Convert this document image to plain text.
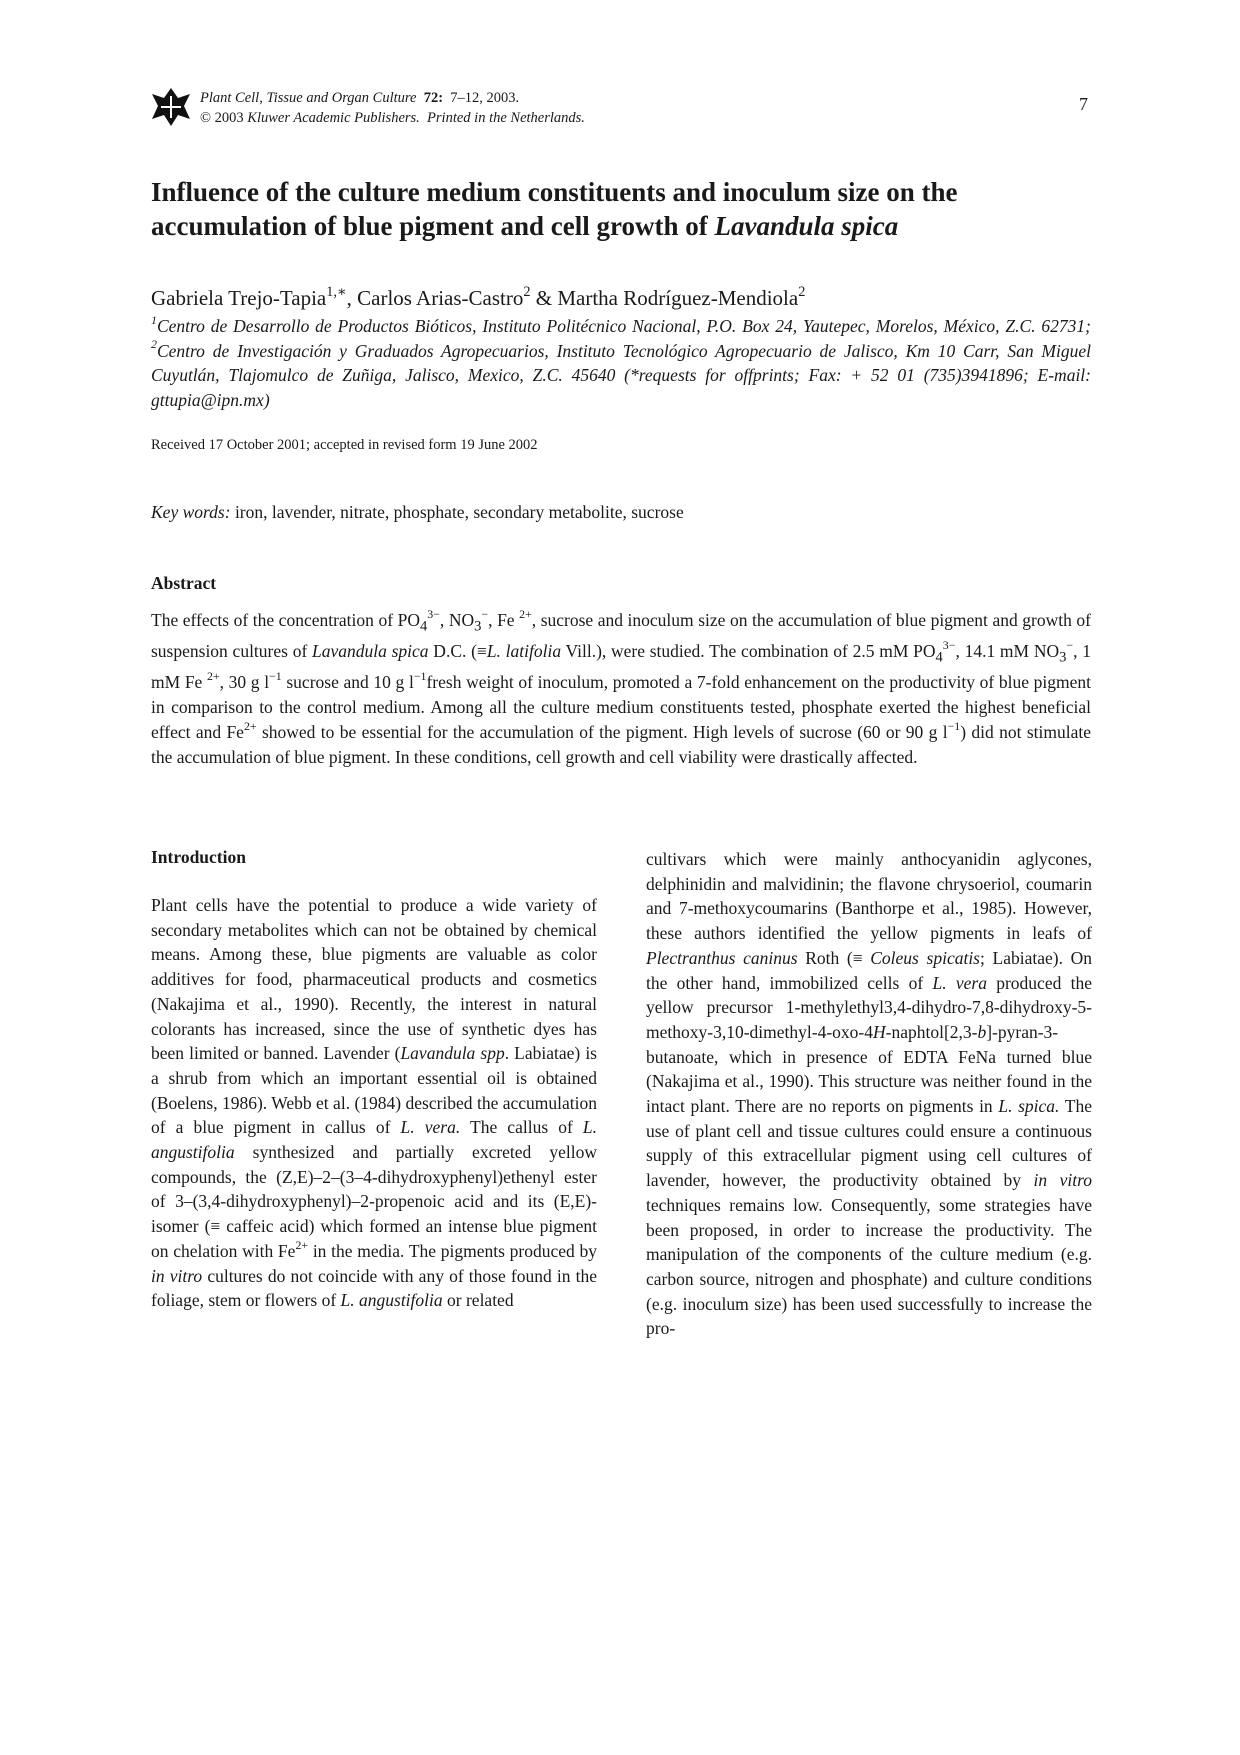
Plant Cell, Tissue and Organ Culture 72: 7–12, 2003.
© 2003 Kluwer Academic Publishers. Printed in the Netherlands.
7
Influence of the culture medium constituents and inoculum size on the accumulation of blue pigment and cell growth of Lavandula spica
Gabriela Trejo-Tapia$^{1,∗}$, Carlos Arias-Castro$^2$ & Martha Rodríguez-Mendiola$^2$
$^1$Centro de Desarrollo de Productos Bióticos, Instituto Politécnico Nacional, P.O. Box 24, Yautepec, Morelos, México, Z.C. 62731; $^2$Centro de Investigación y Graduados Agropecuarios, Instituto Tecnológico Agropecuario de Jalisco, Km 10 Carr, San Miguel Cuyutlán, Tlajomulco de Zuñiga, Jalisco, Mexico, Z.C. 45640 (*requests for offprints; Fax: + 52 01 (735)3941896; E-mail: gttupia@ipn.mx)
Received 17 October 2001; accepted in revised form 19 June 2002
Key words: iron, lavender, nitrate, phosphate, secondary metabolite, sucrose
Abstract

The effects of the concentration of $PO_4^{3-}$, $NO_3^-$, Fe $^{2+}$, sucrose and inoculum size on the accumulation of blue pigment and growth of suspension cultures of Lavandula spica D.C. (≡L. latifolia Vill.), were studied. The combination of 2.5 mM $PO_4^{3-}$, 14.1 mM $NO_3^-$, 1 mM Fe $^{2+}$, 30 g $l^{-1}$ sucrose and 10 g $l^{-1}fresh$ weight of inoculum, promoted a 7-fold enhancement on the productivity of blue pigment in comparison to the control medium. Among all the culture medium constituents tested, phosphate exerted the highest beneficial effect and $Fe^{2+}$ showed to be essential for the accumulation of the pigment. High levels of sucrose (60 or 90 g $l^{-1}$) did not stimulate the accumulation of blue pigment. In these conditions, cell growth and cell viability were drastically affected.

Introduction

Plant cells have the potential to produce a wide variety of secondary metabolites which can not be obtained by chemical means. Among these, blue pigments are valuable as color additives for food, pharmaceutical products and cosmetics (Nakajima et al., 1990). Recently, the interest in natural colorants has increased, since the use of synthetic dyes has been limited or banned. Lavender (Lavandula spp. Labiatae) is a shrub from which an important essential oil is obtained (Boelens, 1986). Webb et al. (1984) described the accumulation of a blue pigment in callus of L. vera. The callus of L. angustifolia synthesized and partially excreted yellow compounds, the (Z,E)–2–(3–4-dihydroxyphenyl)ethenyl ester of 3–(3,4-dihydroxyphenyl)–2-propenoic acid and its (E,E)-isomer (≡ caffeic acid) which formed an intense blue pigment on chelation with $Fe^{2+}$ in the media. The pigments produced by in vitro cultures do not coincide with any of those found in the foliage, stem or flowers of L. angustifolia or related

cultivars which were mainly anthocyanidin aglycones, delphinidin and malvidinin; the flavone chrysoeriol, coumarin and 7-methoxycoumarins (Banthorpe et al., 1985). However, these authors identified the yellow pigments in leafs of Plectranthus caninus Roth (≡ Coleus spicatis; Labiatae). On the other hand, immobilized cells of L. vera produced the yellow precursor 1-methylethyl3,4-dihydro-7,8-dihydroxy-5-methoxy-3,10-dimethyl-4-oxo-4H-naphtol[2,3-b]-pyran-3-butanoate, which in presence of EDTA FeNa turned blue (Nakajima et al., 1990). This structure was neither found in the intact plant. There are no reports on pigments in L. spica. The use of plant cell and tissue cultures could ensure a continuous supply of this extracellular pigment using cell cultures of lavender, however, the productivity obtained by in vitro techniques remains low. Consequently, some strategies have been proposed, in order to increase the productivity. The manipulation of the components of the culture medium (e.g. carbon source, nitrogen and phosphate) and culture conditions (e.g. inoculum size) has been used successfully to increase the pro-
